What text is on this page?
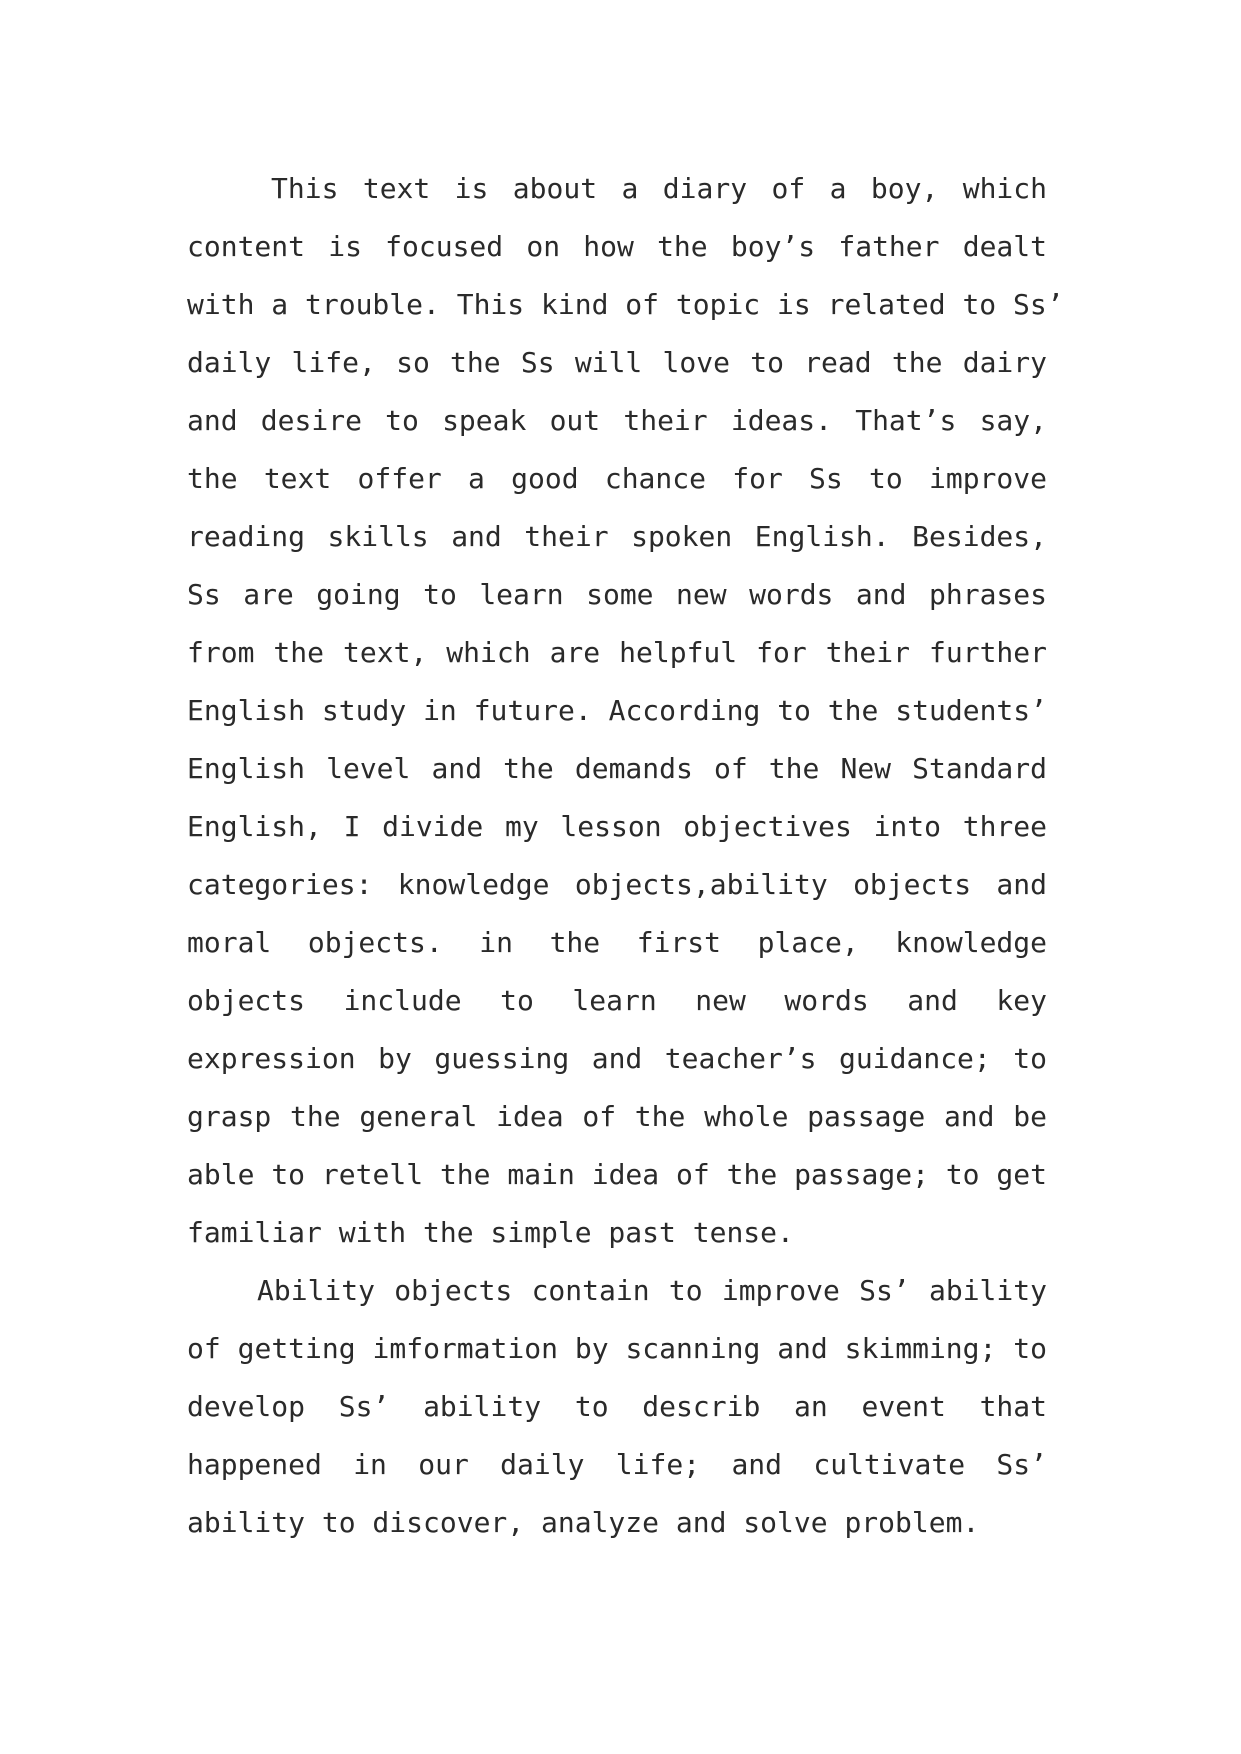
This text is about a diary of a boy, which
content is focused on how the boy’s father dealt
with a trouble. This kind of topic is related to Ss’
daily life, so the Ss will love to read the dairy
and desire to speak out their ideas. That’s say,
the text offer a good chance for Ss to improve
reading skills and their spoken English. Besides,
Ss are going to learn some new words and phrases
from the text, which are helpful for their further
English study in future. According to the students’
English level and the demands of the New Standard
English, I divide my lesson objectives into three
categories: knowledge objects,ability objects and
moral objects. in the first place, knowledge
objects include to learn new words and key
expression by guessing and teacher’s guidance; to
grasp the general idea of the whole passage and be
able to retell the main idea of the passage; to get
familiar with the simple past tense.
Ability objects contain to improve Ss’ ability
of getting imformation by scanning and skimming; to
develop Ss’ ability to describ an event that
happened in our daily life; and cultivate Ss’
ability to discover, analyze and solve problem.
